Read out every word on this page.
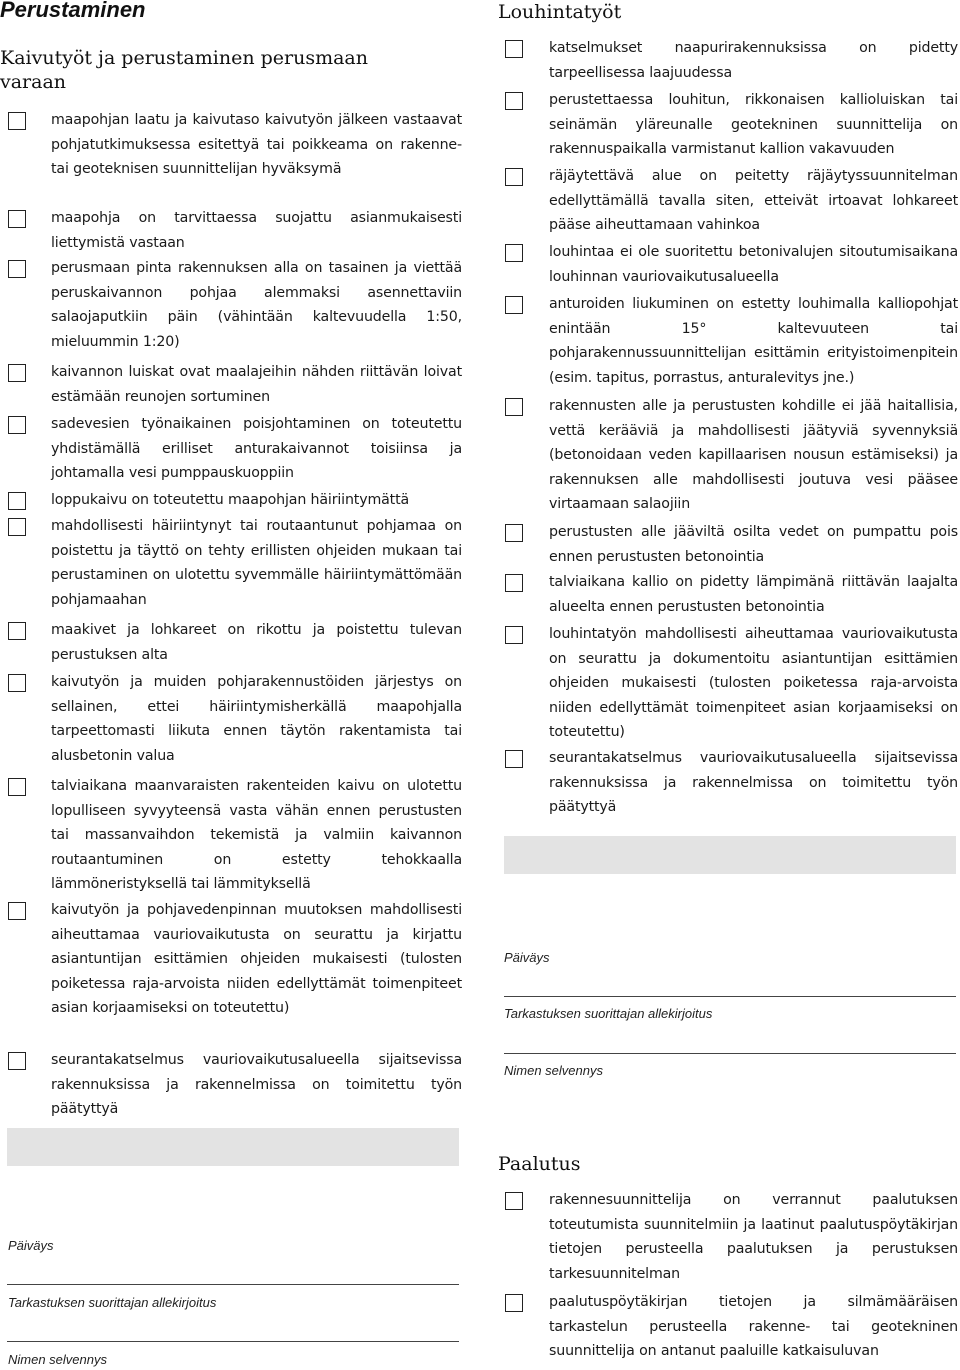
Perustaminen
Kaivutyöt ja perustaminen perusmaan varaan
maapohjan laatu ja kaivutaso kaivutyön jälkeen vastaavat pohjatutkimuksessa esitettyä tai poikkeama on rakenne- tai geoteknisen suunnittelijan hyväksymä
maapohja on tarvittaessa suojattu asianmukaisesti liettymistä vastaan
perusmaan pinta rakennuksen alla on tasainen ja viettää peruskaivannon pohjaa alemmaksi asennettaviin salaojaputkiin päin (vähintään kaltevuudella 1:50, mieluummin 1:20)
kaivannon luiskat ovat maalajeihin nähden riittävän loivat estämään reunojen sortuminen
sadevesien työnaikainen poisjohtaminen on toteutettu yhdistämällä erilliset anturakaivannot toisiinsa ja johtamalla vesi pumppauskuoppiin
loppukaivu on toteutettu maapohjan häiriintymättä
mahdollisesti häiriintynyt tai routaantunut pohjamaa on poistettu ja täyttö on tehty erillisten ohjeiden mukaan tai perustaminen on ulotettu syvemmälle häiriintymättömään pohjamaahan
maakivet ja lohkareet on rikottu ja poistettu tulevan perustuksen alta
kaivutyön ja muiden pohjarakennustöiden järjestys on sellainen, ettei häiriintymisherkällä maapohjalla tarpeettomasti liikuta ennen täytön rakentamista tai alusbetonin valua
talviaikana maanvaraisten rakenteiden kaivu on ulotettu lopulliseen syvyyteensä vasta vähän ennen perustusten tai massanvaihdon tekemistä ja valmiin kaivannon routaantuminen on estetty tehokkaalla lämmöneristyksellä tai lämmityksellä
kaivutyön ja pohjavedenpinnan muutoksen mahdollisesti aiheuttamaa vauriovaikutusta on seurattu ja kirjattu asiantuntijan esittämien ohjeiden mukaisesti (tulosten poiketessa raja-arvoista niiden edellyttämät toimenpiteet asian korjaamiseksi on toteutettu)
seurantakatselmus vauriovaikutusalueella sijaitsevissa rakennuksissa ja rakennelmissa on toimitettu työn päätyttyä
Päiväys
Tarkastuksen suorittajan allekirjoitus
Nimen selvennys
Louhintatyöt
katselmukset naapurirakennuksissa on pidetty tarpeellisessa laajuudessa
perustettaessa louhitun, rikkonaisen kallioluiskan tai seinämän yläreunalle geotekninen suunnittelija on rakennuspaikalla varmistanut kallion vakavuuden
räjäytettävä alue on peitetty räjäytyssuunnitelman edellyttämällä tavalla siten, etteivät irtoavat lohkareet pääse aiheuttamaan vahinkoa
louhintaa ei ole suoritettu betonivalujen sitoutumisaikana louhinnan vauriovaikutusalueella
anturoiden liukuminen on estetty louhimalla kalliopohjat enintään 15° kaltevuuteen tai pohjarakennussuunnittelijan esittämin erityistoimenpitein (esim. tapitus, porrastus, anturalevitys jne.)
rakennusten alle ja perustusten kohdille ei jää haitallisia, vettä kerääviä ja mahdollisesti jäätyviä syvennyksiä (betonoidaan veden kapillaarisen nousun estämiseksi) ja rakennuksen alle mahdollisesti joutuva vesi pääsee virtaamaan salaojiin
perustusten alle jääviltä osilta vedet on pumpattu pois ennen perustusten betonointia
talviaikana kallio on pidetty lämpimänä riittävän laajalta alueelta ennen perustusten betonointia
louhintatyön mahdollisesti aiheuttamaa vauriovaikutusta on seurattu ja dokumentoitu asiantuntijan esittämien ohjeiden mukaisesti (tulosten poiketessa raja-arvoista niiden edellyttämät toimenpiteet asian korjaamiseksi on toteutettu)
seurantakatselmus vauriovaikutusalueella sijaitsevissa rakennuksissa ja rakennelmissa on toimitettu työn päätyttyä
Päiväys
Tarkastuksen suorittajan allekirjoitus
Nimen selvennys
Paalutus
rakennesuunnittelija on verrannut paalutuksen toteutumista suunnitelmiin ja laatinut paalutuspöytäkirjan tietojen perusteella paalutuksen ja perustuksen tarkesuunnitelman
paalutuspöytäkirjan tietojen ja silmämääräisen tarkastelun perusteella rakenne- tai geotekninen suunnittelija on antanut paaluille katkaisuluvan
